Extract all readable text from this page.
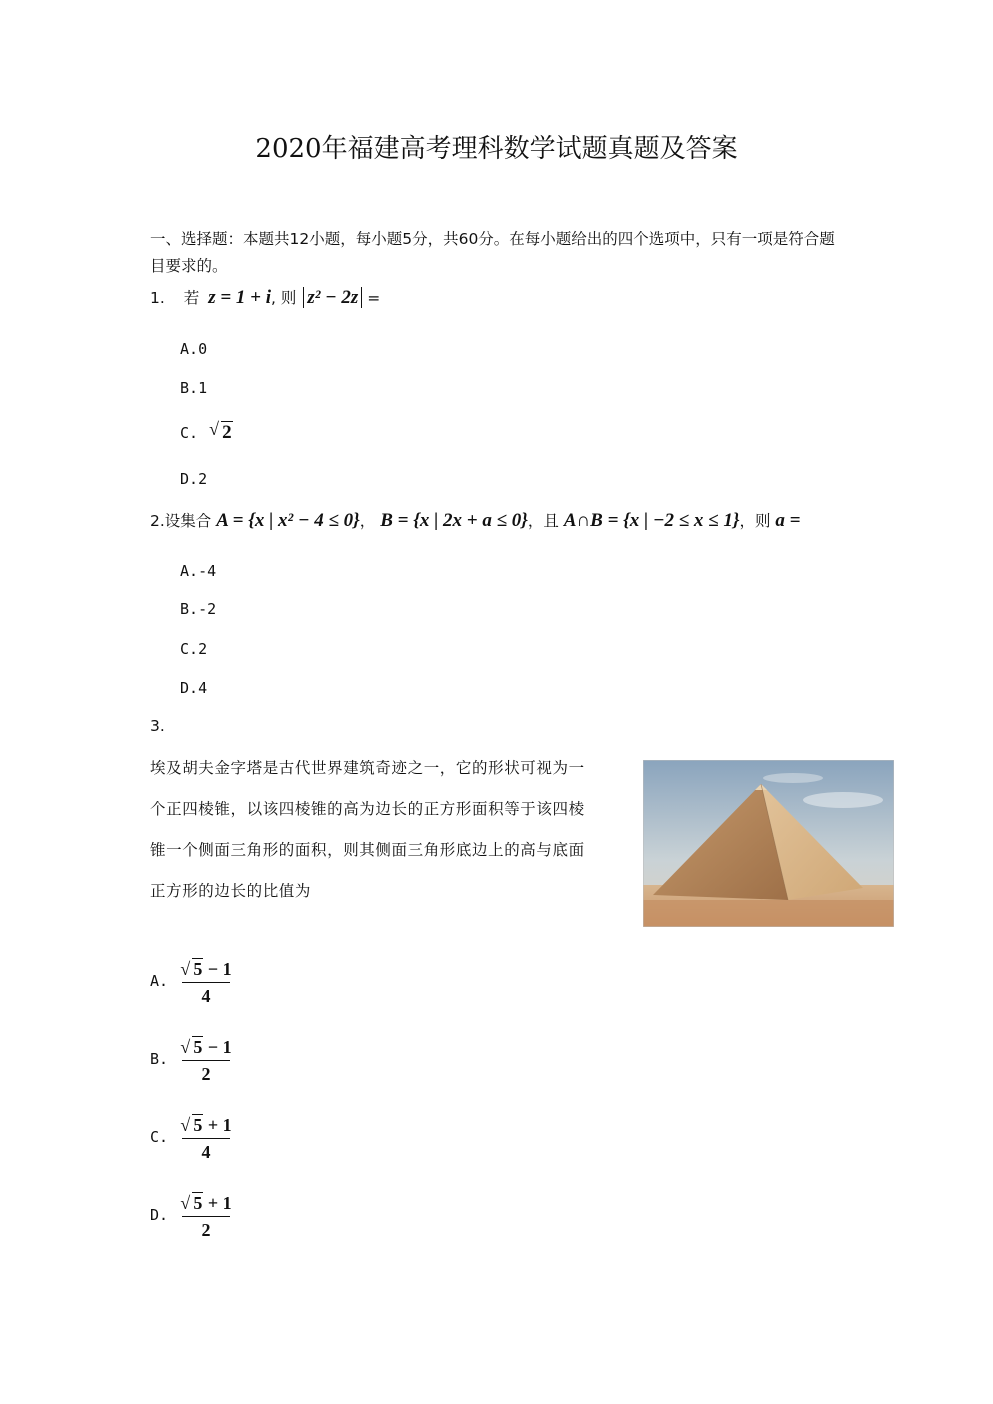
2020年福建高考理科数学试题真题及答案
一、选择题：本题共12小题，每小题5分，共60分。在每小题给出的四个选项中，只有一项是符合题目要求的。
1. 若 z = 1 + i, 则 z² − 2z =
A.0
B.1
C. √ 2
D.2
2.设集合 A = {x | x² − 4 ≤ 0}， B = {x | 2x + a ≤ 0}，且 A∩B = {x | −2 ≤ x ≤ 1}，则 a =
A.-4
B.-2
C.2
D.4
3.
埃及胡夫金字塔是古代世界建筑奇迹之一，它的形状可视为一
个正四棱锥，以该四棱锥的高为边长的正方形面积等于该四棱
锥一个侧面三角形的面积，则其侧面三角形底边上的高与底面
正方形的边长的比值为
A.
√ 5 − 1
4
B.
√ 5 − 1
2
C.
√ 5 + 1
4
D.
√ 5 + 1
2
